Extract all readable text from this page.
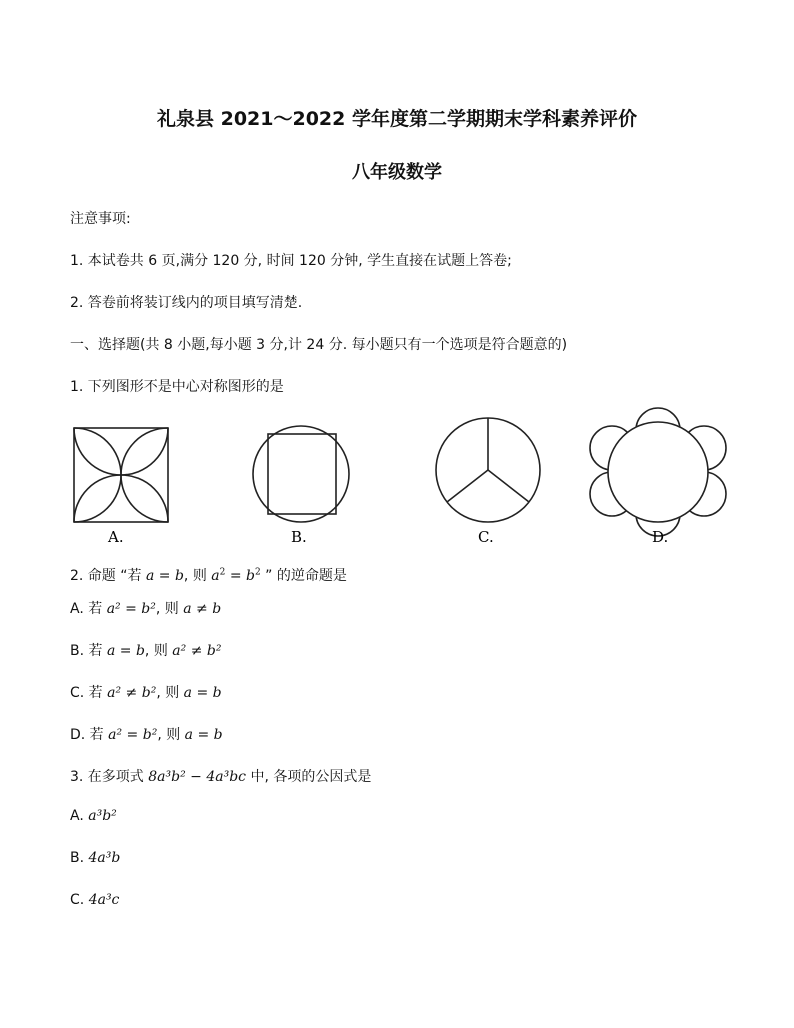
礼泉县 2021～2022 学年度第二学期期末学科素养评价
八年级数学
注意事项:
1. 本试卷共 6 页,满分 120 分, 时间 120 分钟, 学生直接在试题上答卷;
2. 答卷前将装订线内的项目填写清楚.
一、选择题(共 8 小题,每小题 3 分,计 24 分. 每小题只有一个选项是符合题意的)
1. 下列图形不是中心对称图形的是
A.	B.	C.	D.
2. 命题 “若 a = b, 则 $a^2 = b^2$ ” 的逆命题是
A. 若 a² = b², 则 a ≠ b
B. 若 a = b, 则 a² ≠ b²
C. 若 a² ≠ b², 则 a = b
D. 若 a² = b², 则 a = b
3. 在多项式 8a³b² − 4a³bc 中, 各项的公因式是
A. a³b²
B. 4a³b
C. 4a³c
